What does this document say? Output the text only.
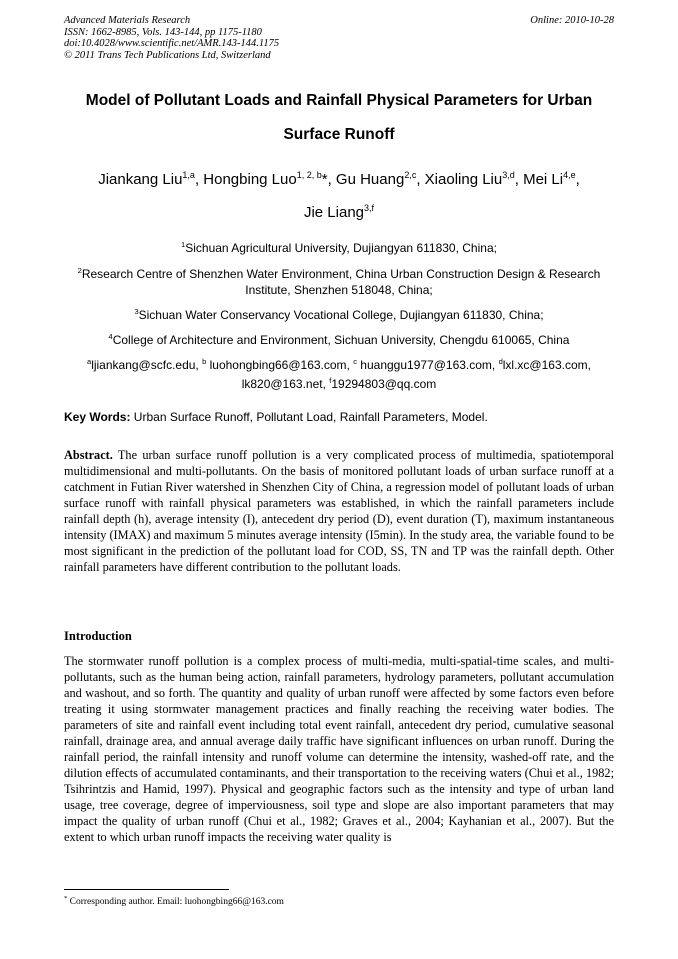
Advanced Materials Research
ISSN: 1662-8985, Vols. 143-144, pp 1175-1180
doi:10.4028/www.scientific.net/AMR.143-144.1175
© 2011 Trans Tech Publications Ltd, Switzerland
Online: 2010-10-28
Model of Pollutant Loads and Rainfall Physical Parameters for Urban
Surface Runoff
Jiankang Liu$^{1,a}$, Hongbing Luo$^{1, 2, b}$*, Gu Huang$^{2,c}$, Xiaoling Liu$^{3,d}$, Mei Li$^{4,e}$,
Jie Liang$^{3,f}$
$^1$Sichuan Agricultural University, Dujiangyan 611830, China;
$^2$Research Centre of Shenzhen Water Environment, China Urban Construction Design & Research
Institute, Shenzhen 518048, China;
$^3$Sichuan Water Conservancy Vocational College, Dujiangyan 611830, China;
$^4$College of Architecture and Environment, Sichuan University, Chengdu 610065, China
$^a$ljiankang@scfc.edu, $^b$ luohongbing66@163.com, $^c$ huanggu1977@163.com, $^d$lxl.xc@163.com,
lk820@163.net, $^f$19294803@qq.com
Key Words: Urban Surface Runoff, Pollutant Load, Rainfall Parameters, Model.
Abstract. The urban surface runoff pollution is a very complicated process of multimedia, spatiotemporal multidimensional and multi-pollutants. On the basis of monitored pollutant loads of urban surface runoff at a catchment in Futian River watershed in Shenzhen City of China, a regression model of pollutant loads of urban surface runoff with rainfall physical parameters was established, in which the rainfall parameters include rainfall depth (h), average intensity (I), antecedent dry period (D), event duration (T), maximum instantaneous intensity (IMAX) and maximum 5 minutes average intensity (I5min). In the study area, the variable found to be most significant in the prediction of the pollutant load for COD, SS, TN and TP was the rainfall depth. Other rainfall parameters have different contribution to the pollutant loads.
Introduction
The stormwater runoff pollution is a complex process of multi-media, multi-spatial-time scales, and multi-pollutants, such as the human being action, rainfall parameters, hydrology parameters, pollutant accumulation and washout, and so forth. The quantity and quality of urban runoff were affected by some factors even before treating it using stormwater management practices and finally reaching the receiving water bodies. The parameters of site and rainfall event including total event rainfall, antecedent dry period, cumulative seasonal rainfall, drainage area, and annual average daily traffic have significant influences on urban runoff. During the rainfall period, the rainfall intensity and runoff volume can determine the intensity, washed-off rate, and the dilution effects of accumulated contaminants, and their transportation to the receiving waters (Chui et al., 1982; Tsihrintzis and Hamid, 1997). Physical and geographic factors such as the intensity and type of urban land usage, tree coverage, degree of imperviousness, soil type and slope are also important parameters that may impact the quality of urban runoff (Chui et al., 1982; Graves et al., 2004; Kayhanian et al., 2007). But the extent to which urban runoff impacts the receiving water quality is
* Corresponding author. Email: luohongbing66@163.com
